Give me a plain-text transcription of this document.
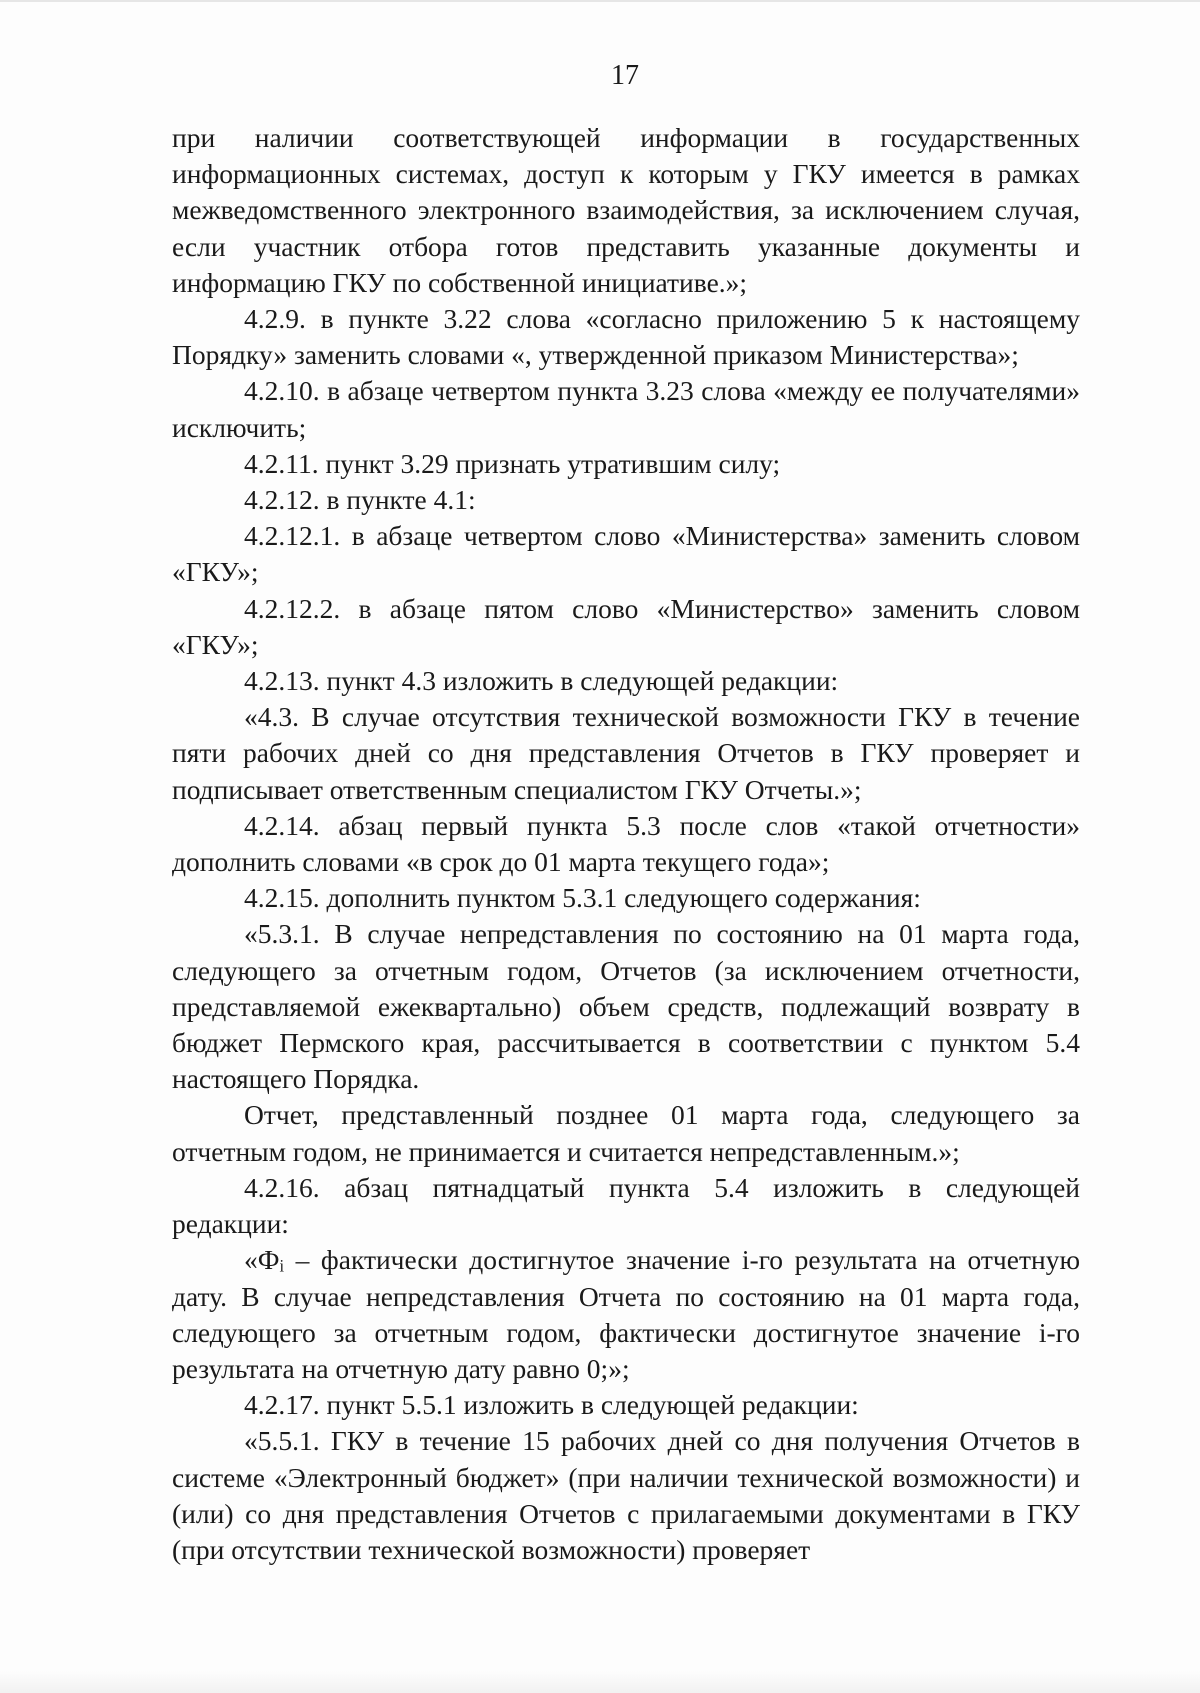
17

при наличии соответствующей информации в государственных информационных системах, доступ к которым у ГКУ имеется в рамках межведомственного электронного взаимодействия, за исключением случая, если участник отбора готов представить указанные документы и информацию ГКУ по собственной инициативе.»;

4.2.9. в пункте 3.22 слова «согласно приложению 5 к настоящему Порядку» заменить словами «, утвержденной приказом Министерства»;

4.2.10. в абзаце четвертом пункта 3.23 слова «между ее получателями» исключить;

4.2.11. пункт 3.29 признать утратившим силу;

4.2.12. в пункте 4.1:

4.2.12.1. в абзаце четвертом слово «Министерства» заменить словом «ГКУ»;

4.2.12.2. в абзаце пятом слово «Министерство» заменить словом «ГКУ»;

4.2.13. пункт 4.3 изложить в следующей редакции:

«4.3. В случае отсутствия технической возможности ГКУ в течение пяти рабочих дней со дня представления Отчетов в ГКУ проверяет и подписывает ответственным специалистом ГКУ Отчеты.»;

4.2.14. абзац первый пункта 5.3 после слов «такой отчетности» дополнить словами «в срок до 01 марта текущего года»;

4.2.15. дополнить пунктом 5.3.1 следующего содержания:

«5.3.1. В случае непредставления по состоянию на 01 марта года, следующего за отчетным годом, Отчетов (за исключением отчетности, представляемой ежеквартально) объем средств, подлежащий возврату в бюджет Пермского края, рассчитывается в соответствии с пунктом 5.4 настоящего Порядка.

Отчет, представленный позднее 01 марта года, следующего за отчетным годом, не принимается и считается непредставленным.»;

4.2.16. абзац пятнадцатый пункта 5.4 изложить в следующей редакции:

«Фᵢ – фактически достигнутое значение i-го результата на отчетную дату. В случае непредставления Отчета по состоянию на 01 марта года, следующего за отчетным годом, фактически достигнутое значение i-го результата на отчетную дату равно 0;»;

4.2.17. пункт 5.5.1 изложить в следующей редакции:

«5.5.1. ГКУ в течение 15 рабочих дней со дня получения Отчетов в системе «Электронный бюджет» (при наличии технической возможности) и (или) со дня представления Отчетов с прилагаемыми документами в ГКУ (при отсутствии технической возможности) проверяет
